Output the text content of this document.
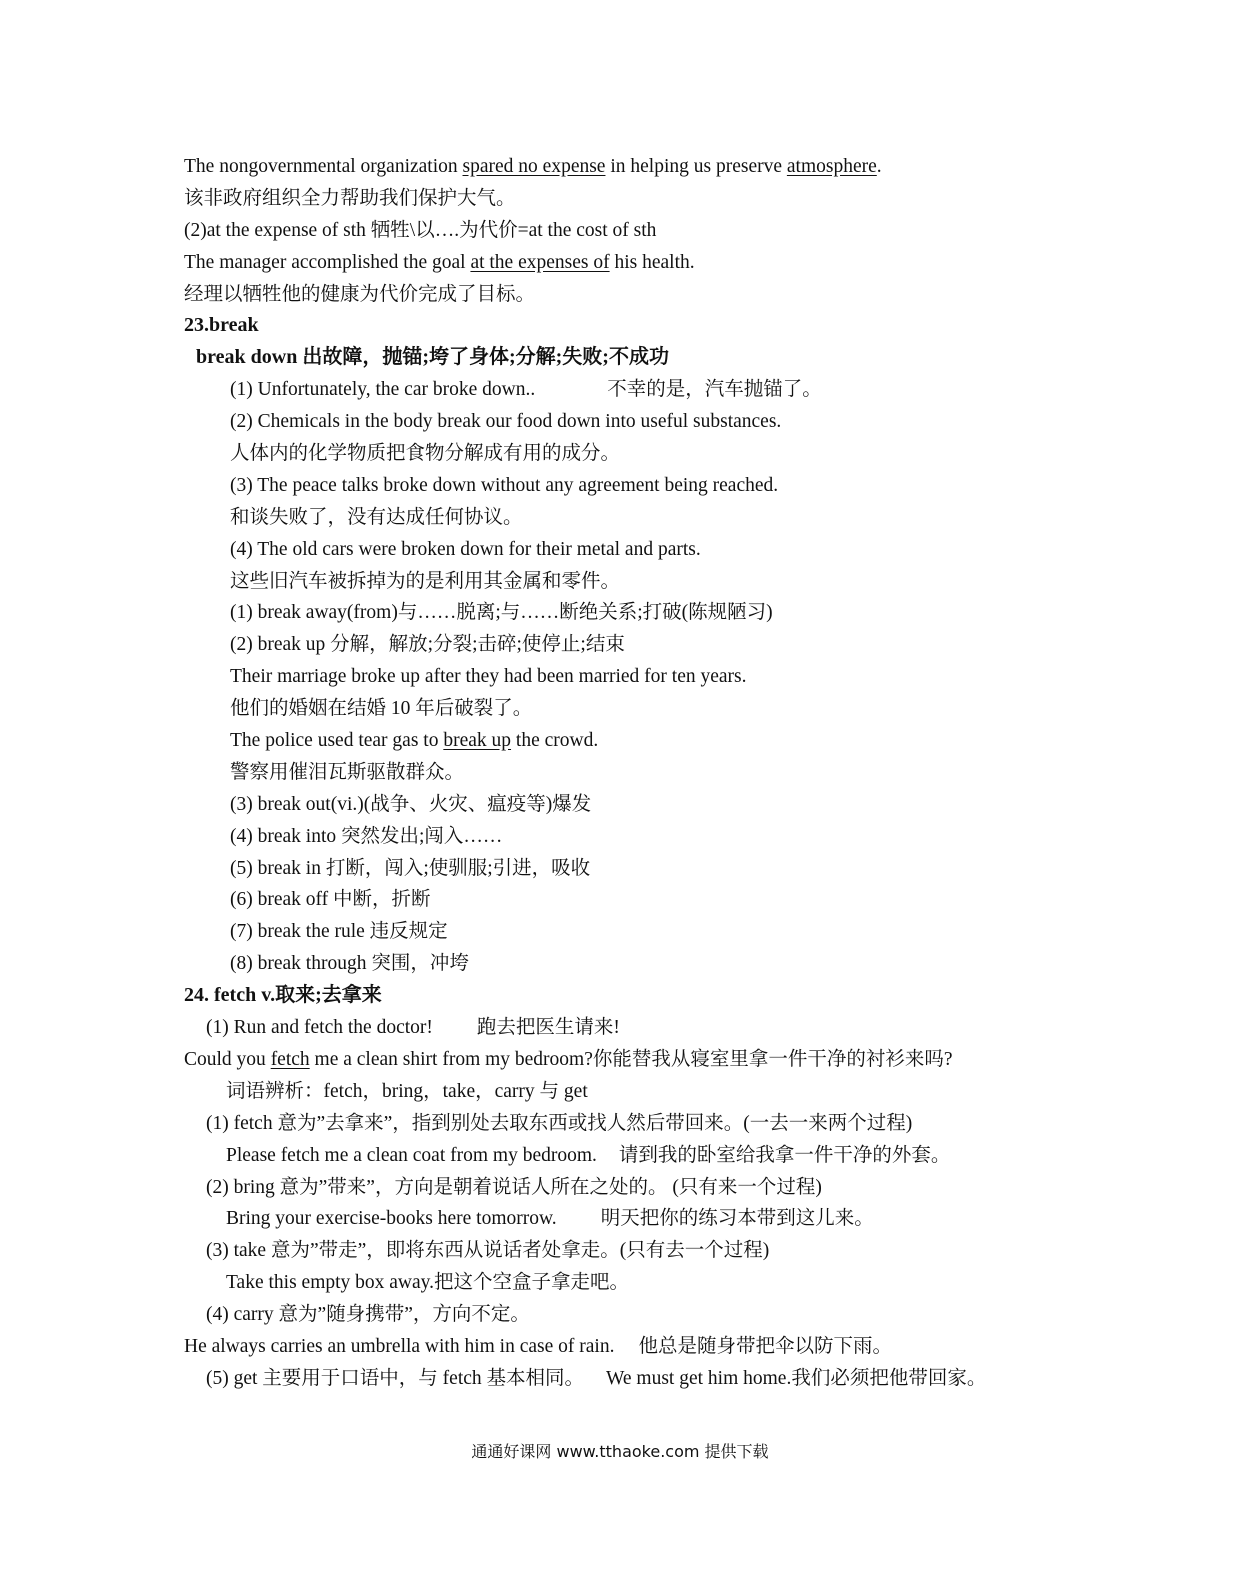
The nongovernmental organization spared no expense in helping us preserve atmosphere.
该非政府组织全力帮助我们保护大气。
(2)at the expense of sth 牺牲\以….为代价=at the cost of sth
The manager accomplished the goal at the expenses of his health.
经理以牺牲他的健康为代价完成了目标。
23.break
break down 出故障，抛锚;垮了身体;分解;失败;不成功
(1) Unfortunately, the car broke down..	不幸的是，汽车抛锚了。
(2) Chemicals in the body break our food down into useful substances.
人体内的化学物质把食物分解成有用的成分。
(3) The peace talks broke down without any agreement being reached.
和谈失败了，没有达成任何协议。
(4) The old cars were broken down for their metal and parts.
这些旧汽车被拆掉为的是利用其金属和零件。
(1) break away(from)与……脱离;与……断绝关系;打破(陈规陋习)
(2) break up 分解，解放;分裂;击碎;使停止;结束
Their marriage broke up after they had been married for ten years.
他们的婚姻在结婚 10 年后破裂了。
The police used tear gas to break up the crowd.
警察用催泪瓦斯驱散群众。
(3) break out(vi.)(战争、火灾、瘟疫等)爆发
(4) break into 突然发出;闯入……
(5) break in 打断，闯入;使驯服;引进，吸收
(6) break off 中断，折断
(7) break the rule 违反规定
(8) break through 突围，冲垮
24. fetch v.取来;去拿来
(1) Run and fetch the doctor! 跑去把医生请来!
Could you fetch me a clean shirt from my bedroom?你能替我从寝室里拿一件干净的衬衫来吗?
词语辨析：fetch，bring，take，carry 与 get
(1) fetch 意为”去拿来”，指到别处去取东西或找人然后带回来。(一去一来两个过程)
Please fetch me a clean coat from my bedroom. 请到我的卧室给我拿一件干净的外套。
(2) bring 意为”带来”，方向是朝着说话人所在之处的。 (只有来一个过程)
Bring your exercise-books here tomorrow. 明天把你的练习本带到这儿来。
(3) take 意为”带走”，即将东西从说话者处拿走。(只有去一个过程)
Take this empty box away.把这个空盒子拿走吧。
(4) carry 意为”随身携带”，方向不定。
He always carries an umbrella with him in case of rain. 他总是随身带把伞以防下雨。
(5) get 主要用于口语中，与 fetch 基本相同。 We must get him home.我们必须把他带回家。
通通好课网 www.tthaoke.com 提供下载
